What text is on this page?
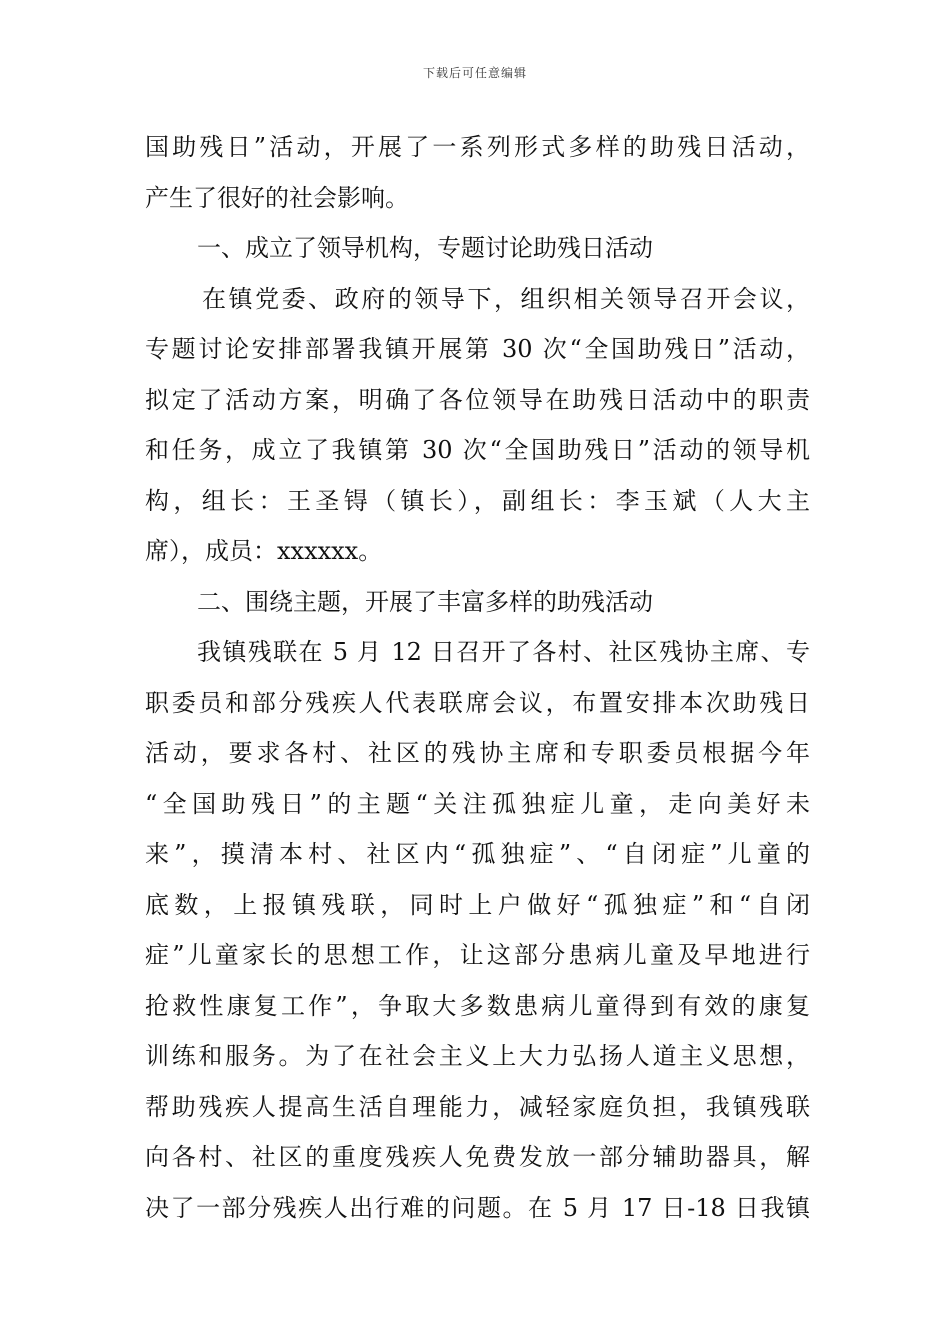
下载后可任意编辑
国助残日”活动，开展了一系列形式多样的助残日活动，
产生了很好的社会影响。
一、成立了领导机构，专题讨论助残日活动
在镇党委、政府的领导下，组织相关领导召开会议，
专题讨论安排部署我镇开展第 30 次“全国助残日”活动，
拟定了活动方案，明确了各位领导在助残日活动中的职责
和任务，成立了我镇第 30 次“全国助残日”活动的领导机
构，组长：王圣锝（镇长），副组长：李玉斌（人大主
席），成员：xxxxxx。
二、围绕主题，开展了丰富多样的助残活动
我镇残联在 5 月 12 日召开了各村、社区残协主席、专
职委员和部分残疾人代表联席会议，布置安排本次助残日
活动，要求各村、社区的残协主席和专职委员根据今年
“全国助残日”的主题“关注孤独症儿童，走向美好未
来”，摸清本村、社区内“孤独症”、“自闭症”儿童的
底数，上报镇残联，同时上户做好“孤独症”和“自闭
症”儿童家长的思想工作，让这部分患病儿童及早地进行
抢救性康复工作”，争取大多数患病儿童得到有效的康复
训练和服务。为了在社会主义上大力弘扬人道主义思想，
帮助残疾人提高生活自理能力，减轻家庭负担，我镇残联
向各村、社区的重度残疾人免费发放一部分辅助器具，解
决了一部分残疾人出行难的问题。在 5 月 17 日-18 日我镇
